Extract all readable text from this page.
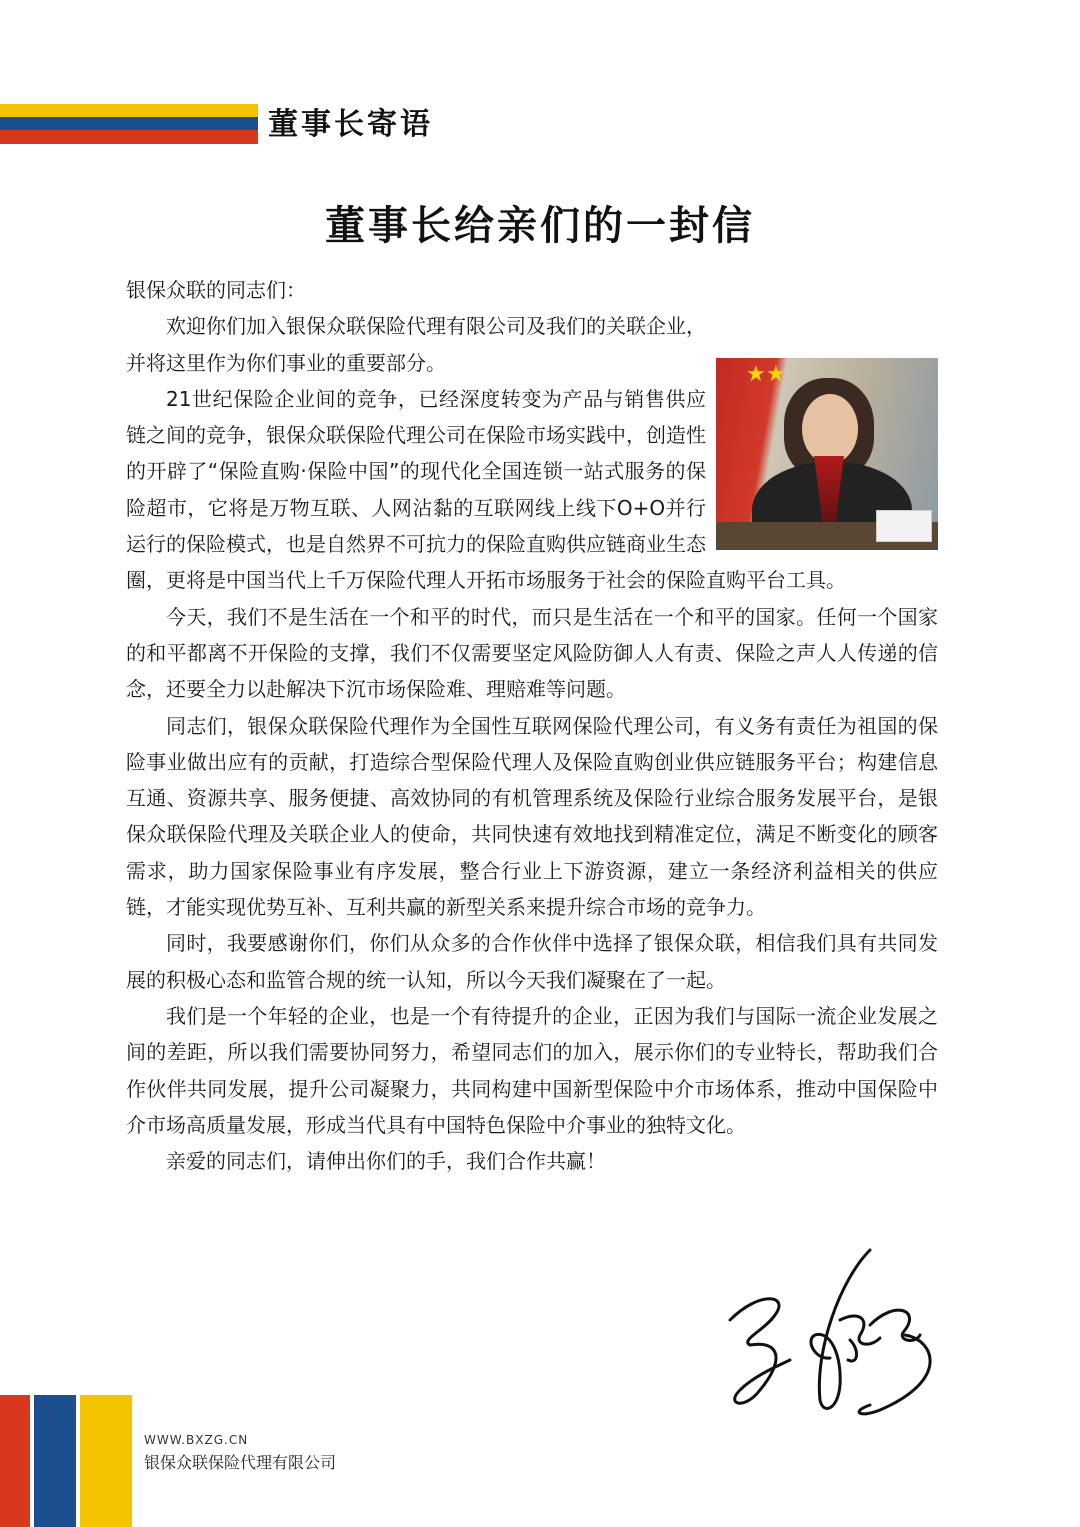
董事长寄语
董事长给亲们的一封信
★ ★

银保众联的同志们：

欢迎你们加入银保众联保险代理有限公司及我们的关联企业，并将这里作为你们事业的重要部分。

21世纪保险企业间的竞争，已经深度转变为产品与销售供应链之间的竞争，银保众联保险代理公司在保险市场实践中，创造性的开辟了“保险直购·保险中国”的现代化全国连锁一站式服务的保险超市，它将是万物互联、人网沾黏的互联网线上线下O+O并行运行的保险模式，也是自然界不可抗力的保险直购供应链商业生态圈，更将是中国当代上千万保险代理人开拓市场服务于社会的保险直购平台工具。

今天，我们不是生活在一个和平的时代，而只是生活在一个和平的国家。任何一个国家的和平都离不开保险的支撑，我们不仅需要坚定风险防御人人有责、保险之声人人传递的信念，还要全力以赴解决下沉市场保险难、理赔难等问题。

同志们，银保众联保险代理作为全国性互联网保险代理公司，有义务有责任为祖国的保险事业做出应有的贡献，打造综合型保险代理人及保险直购创业供应链服务平台；构建信息互通、资源共享、服务便捷、高效协同的有机管理系统及保险行业综合服务发展平台，是银保众联保险代理及关联企业人的使命，共同快速有效地找到精准定位，满足不断变化的顾客需求，助力国家保险事业有序发展，整合行业上下游资源，建立一条经济利益相关的供应链，才能实现优势互补、互利共赢的新型关系来提升综合市场的竞争力。

同时，我要感谢你们，你们从众多的合作伙伴中选择了银保众联，相信我们具有共同发展的积极心态和监管合规的统一认知，所以今天我们凝聚在了一起。

我们是一个年轻的企业，也是一个有待提升的企业，正因为我们与国际一流企业发展之间的差距，所以我们需要协同努力，希望同志们的加入，展示你们的专业特长，帮助我们合作伙伴共同发展，提升公司凝聚力，共同构建中国新型保险中介市场体系，推动中国保险中介市场高质量发展，形成当代具有中国特色保险中介事业的独特文化。

亲爱的同志们，请伸出你们的手，我们合作共赢！

WWW.BXZG.CN
银保众联保险代理有限公司
